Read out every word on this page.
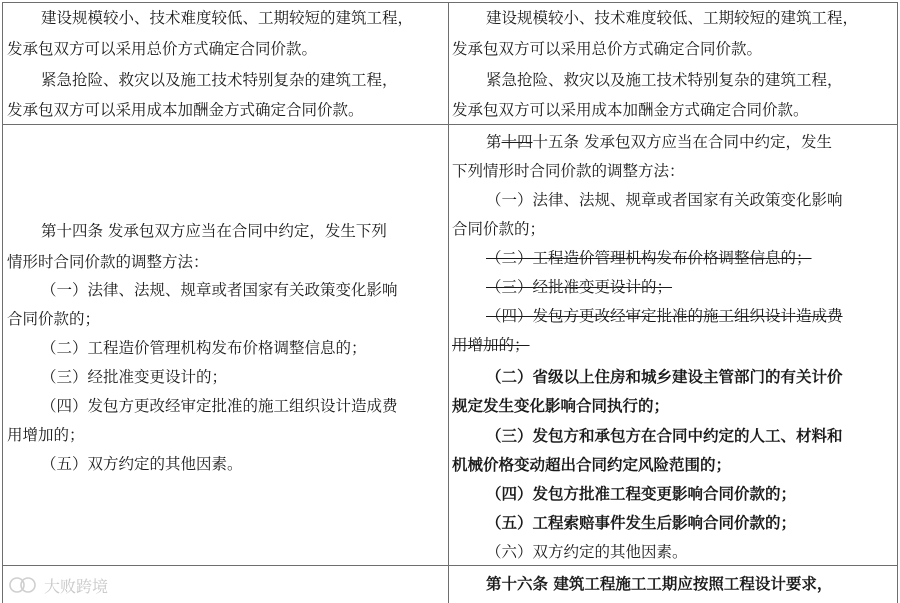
建设规模较小、技术难度较低、工期较短的建筑工程，
发承包双方可以采用总价方式确定合同价款。
紧急抢险、救灾以及施工技术特别复杂的建筑工程，
发承包双方可以采用成本加酬金方式确定合同价款。
建设规模较小、技术难度较低、工期较短的建筑工程，
发承包双方可以采用总价方式确定合同价款。
紧急抢险、救灾以及施工技术特别复杂的建筑工程，
发承包双方可以采用成本加酬金方式确定合同价款。
第十四条 发承包双方应当在合同中约定，发生下列
情形时合同价款的调整方法：
（一）法律、法规、规章或者国家有关政策变化影响
合同价款的；
（二）工程造价管理机构发布价格调整信息的；
（三）经批准变更设计的；
（四）发包方更改经审定批准的施工组织设计造成费
用增加的；
（五）双方约定的其他因素。
第十四十五条 发承包双方应当在合同中约定，发生
下列情形时合同价款的调整方法：
（一）法律、法规、规章或者国家有关政策变化影响
合同价款的；
（二）工程造价管理机构发布价格调整信息的；
（三）经批准变更设计的；
（四）发包方更改经审定批准的施工组织设计造成费
用增加的；
（二）省级以上住房和城乡建设主管部门的有关计价
规定发生变化影响合同执行的；
（三）发包方和承包方在合同中约定的人工、材料和
机械价格变动超出合同约定风险范围的；
（四）发包方批准工程变更影响合同价款的；
（五）工程索赔事件发生后影响合同价款的；
（六）双方约定的其他因素。
第十六条 建筑工程施工工期应按照工程设计要求，
大败跨境
